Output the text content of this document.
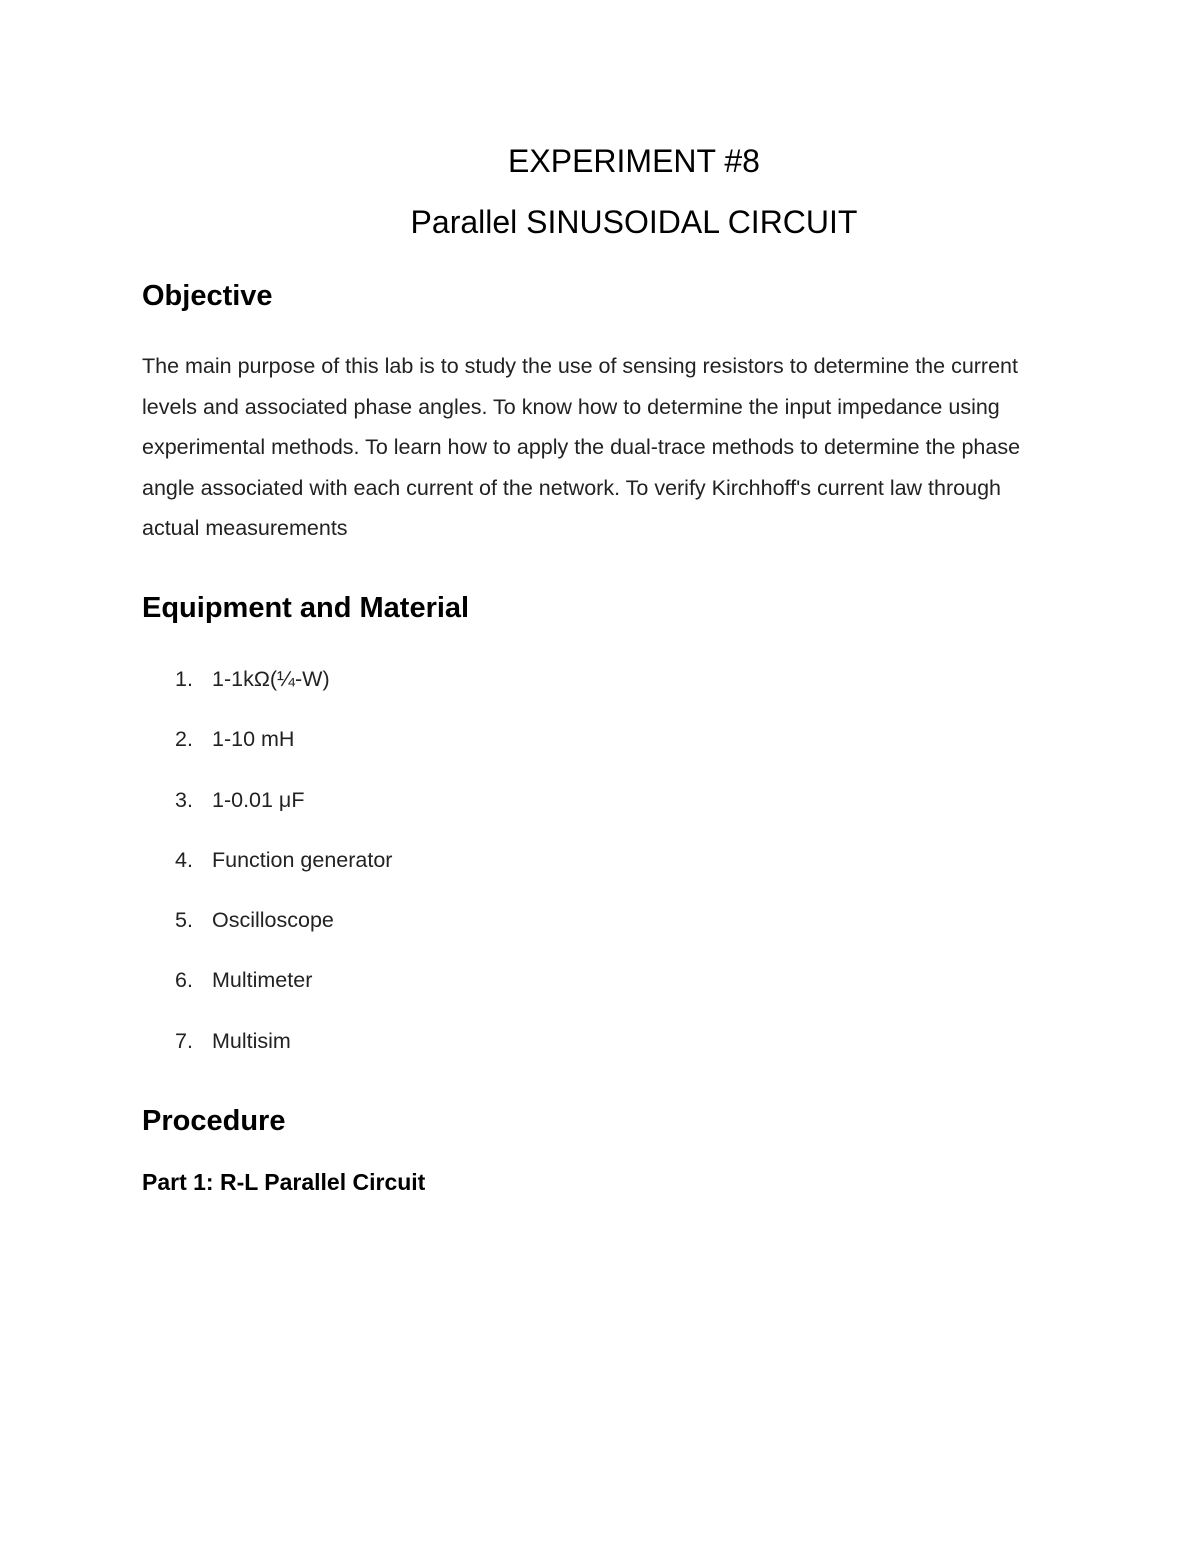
EXPERIMENT #8
Parallel SINUSOIDAL CIRCUIT
Objective

The main purpose of this lab is to study the use of sensing resistors to determine the current levels and associated phase angles. To know how to determine the input impedance using experimental methods. To learn how to apply the dual-trace methods to determine the phase angle associated with each current of the network. To verify Kirchhoff's current law through actual measurements

Equipment and Material
1. 1-1kΩ(¼-W)
2. 1-10 mH
3. 1-0.01 μF
4. Function generator
5. Oscilloscope
6. Multimeter
7. Multisim
Procedure
Part 1: R-L Parallel Circuit
